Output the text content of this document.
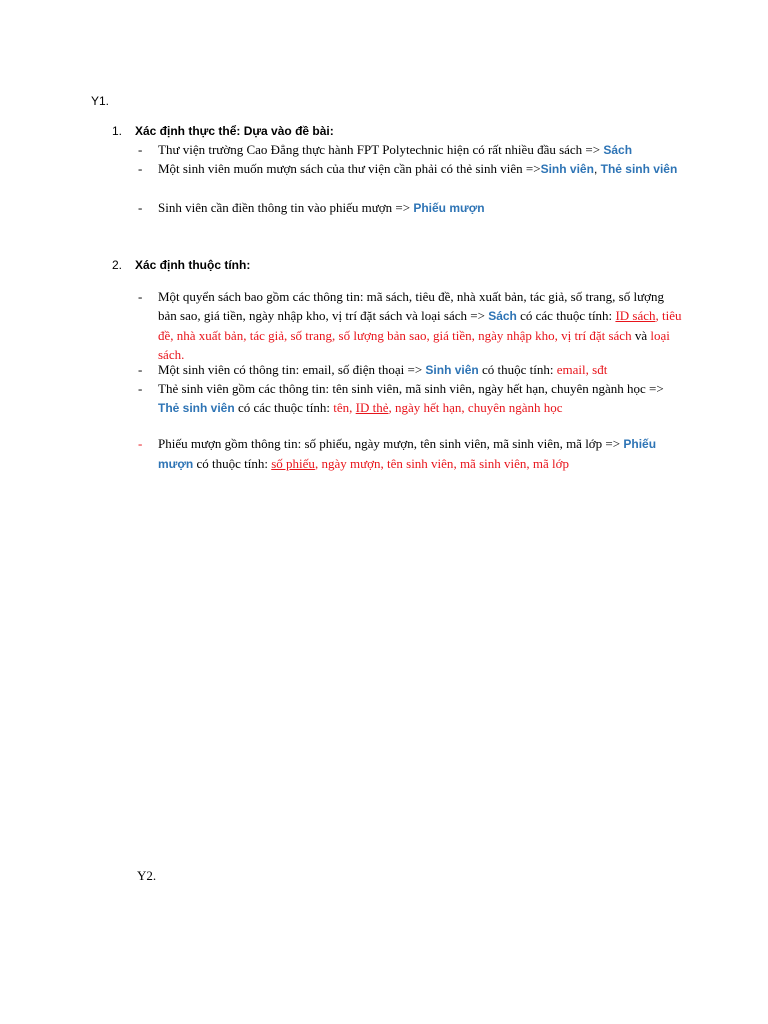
Y1.
1. Xác định thực thể: Dựa vào đề bài:
- Thư viện trường Cao Đẳng thực hành FPT Polytechnic hiện có rất nhiều đầu sách => Sách
- Một sinh viên muốn mượn sách của thư viện cần phải có thẻ sinh viên =>Sinh viên, Thẻ sinh viên
- Sinh viên cần điền thông tin vào phiếu mượn => Phiếu mượn
2. Xác định thuộc tính:
- Một quyển sách bao gồm các thông tin: mã sách, tiêu đề, nhà xuất bản, tác giả, số trang, số lượng bản sao, giá tiền, ngày nhập kho, vị trí đặt sách và loại sách => Sách có các thuộc tính: ID sách, tiêu đề, nhà xuất bản, tác giả, số trang, số lượng bản sao, giá tiền, ngày nhập kho, vị trí đặt sách và loại sách.
- Một sinh viên có thông tin: email, số điện thoại => Sinh viên có thuộc tính: email, sđt
- Thẻ sinh viên gồm các thông tin: tên sinh viên, mã sinh viên, ngày hết hạn, chuyên ngành học => Thẻ sinh viên có các thuộc tính: tên, ID thẻ, ngày hết hạn, chuyên ngành học
- Phiếu mượn gồm thông tin: số phiếu, ngày mượn, tên sinh viên, mã sinh viên, mã lớp => Phiếu mượn có thuộc tính: số phiếu, ngày mượn, tên sinh viên, mã sinh viên, mã lớp
Y2.
